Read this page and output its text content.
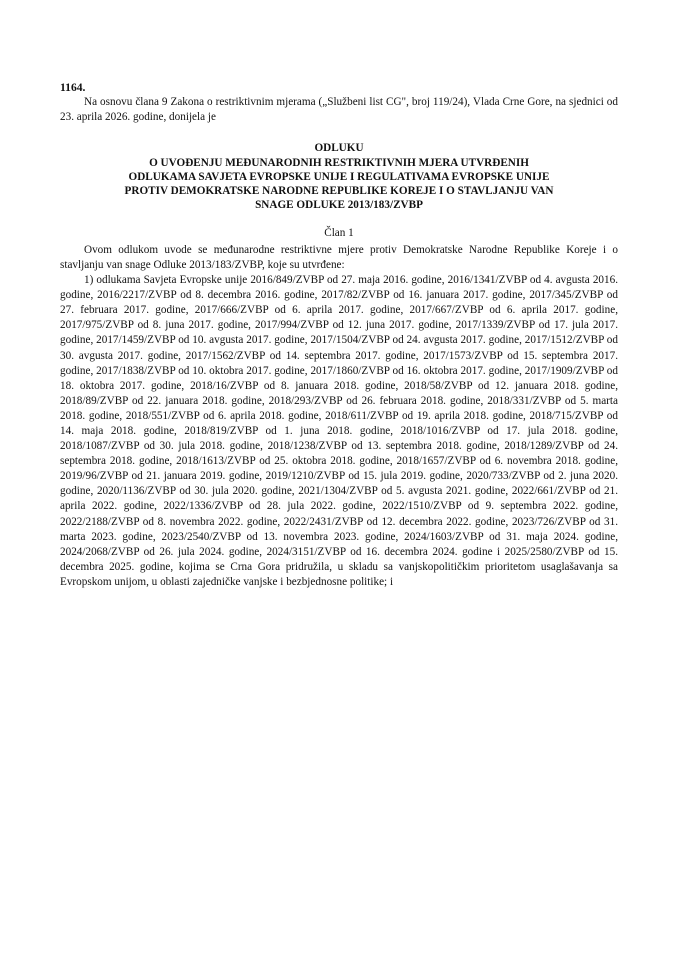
1164.

Na osnovu člana 9 Zakona o restriktivnim mjerama („Službeni list CG", broj 119/24), Vlada Crne Gore, na sjednici od 23. aprila 2026. godine, donijela je

ODLUKU
O UVOĐENJU MEĐUNARODNIH RESTRIKTIVNIH MJERA UTVRĐENIH
ODLUKAMA SAVJETA EVROPSKE UNIJE I REGULATIVAMA EVROPSKE UNIJE
PROTIV DEMOKRATSKE NARODNE REPUBLIKE KOREJE I O STAVLJANJU VAN
SNAGE ODLUKE 2013/183/ZVBP
Član 1

Ovom odlukom uvode se međunarodne restriktivne mjere protiv Demokratske Narodne Republike Koreje i o stavljanju van snage Odluke 2013/183/ZVBP, koje su utvrđene:

1) odlukama Savjeta Evropske unije 2016/849/ZVBP od 27. maja 2016. godine, 2016/1341/ZVBP od 4. avgusta 2016. godine, 2016/2217/ZVBP od 8. decembra 2016. godine, 2017/82/ZVBP od 16. januara 2017. godine, 2017/345/ZVBP od 27. februara 2017. godine, 2017/666/ZVBP od 6. aprila 2017. godine, 2017/667/ZVBP od 6. aprila 2017. godine, 2017/975/ZVBP od 8. juna 2017. godine, 2017/994/ZVBP od 12. juna 2017. godine, 2017/1339/ZVBP od 17. jula 2017. godine, 2017/1459/ZVBP od 10. avgusta 2017. godine, 2017/1504/ZVBP od 24. avgusta 2017. godine, 2017/1512/ZVBP od 30. avgusta 2017. godine, 2017/1562/ZVBP od 14. septembra 2017. godine, 2017/1573/ZVBP od 15. septembra 2017. godine, 2017/1838/ZVBP od 10. oktobra 2017. godine, 2017/1860/ZVBP od 16. oktobra 2017. godine, 2017/1909/ZVBP od 18. oktobra 2017. godine, 2018/16/ZVBP od 8. januara 2018. godine, 2018/58/ZVBP od 12. januara 2018. godine, 2018/89/ZVBP od 22. januara 2018. godine, 2018/293/ZVBP od 26. februara 2018. godine, 2018/331/ZVBP od 5. marta 2018. godine, 2018/551/ZVBP od 6. aprila 2018. godine, 2018/611/ZVBP od 19. aprila 2018. godine, 2018/715/ZVBP od 14. maja 2018. godine, 2018/819/ZVBP od 1. juna 2018. godine, 2018/1016/ZVBP od 17. jula 2018. godine, 2018/1087/ZVBP od 30. jula 2018. godine, 2018/1238/ZVBP od 13. septembra 2018. godine, 2018/1289/ZVBP od 24. septembra 2018. godine, 2018/1613/ZVBP od 25. oktobra 2018. godine, 2018/1657/ZVBP od 6. novembra 2018. godine, 2019/96/ZVBP od 21. januara 2019. godine, 2019/1210/ZVBP od 15. jula 2019. godine, 2020/733/ZVBP od 2. juna 2020. godine, 2020/1136/ZVBP od 30. jula 2020. godine, 2021/1304/ZVBP od 5. avgusta 2021. godine, 2022/661/ZVBP od 21. aprila 2022. godine, 2022/1336/ZVBP od 28. jula 2022. godine, 2022/1510/ZVBP od 9. septembra 2022. godine, 2022/2188/ZVBP od 8. novembra 2022. godine, 2022/2431/ZVBP od 12. decembra 2022. godine, 2023/726/ZVBP od 31. marta 2023. godine, 2023/2540/ZVBP od 13. novembra 2023. godine, 2024/1603/ZVBP od 31. maja 2024. godine, 2024/2068/ZVBP od 26. jula 2024. godine, 2024/3151/ZVBP od 16. decembra 2024. godine i 2025/2580/ZVBP od 15. decembra 2025. godine, kojima se Crna Gora pridružila, u skladu sa vanjskopolitičkim prioritetom usaglašavanja sa Evropskom unijom, u oblasti zajedničke vanjske i bezbjednosne politike; i
